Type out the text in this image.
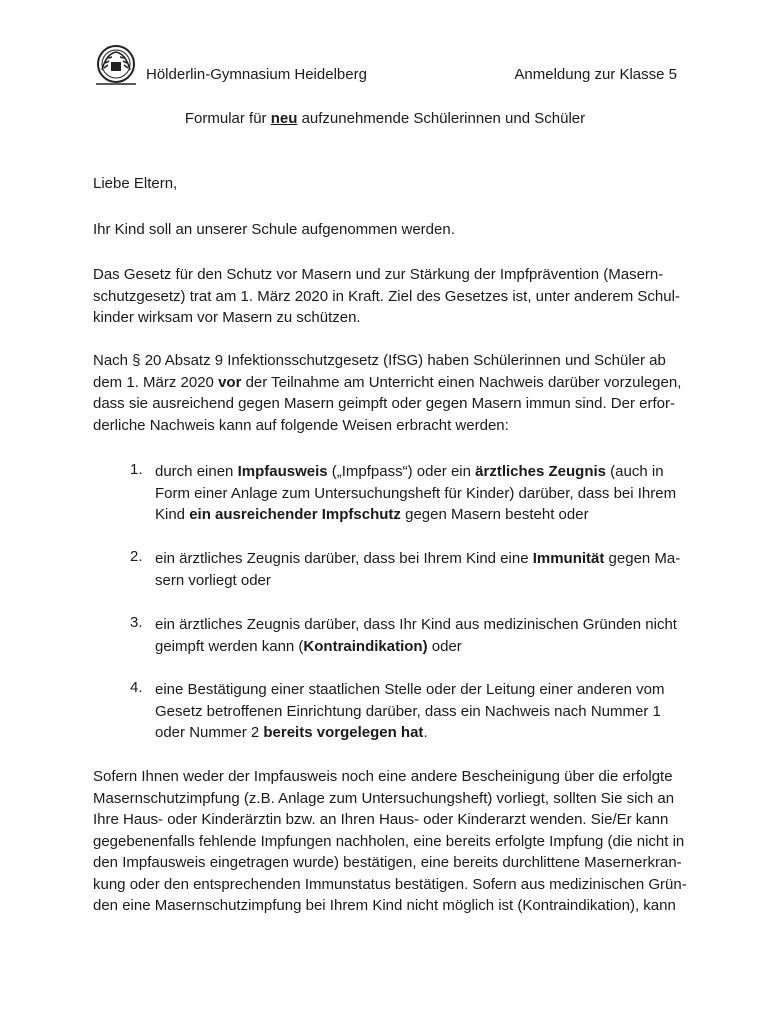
Hölderlin-Gymnasium Heidelberg	Anmeldung zur Klasse 5
Formular für neu aufzunehmende Schülerinnen und Schüler

Liebe Eltern,

Ihr Kind soll an unserer Schule aufgenommen werden.

Das Gesetz für den Schutz vor Masern und zur Stärkung der Impfprävention (Masern-

schutzgesetz) trat am 1. März 2020 in Kraft. Ziel des Gesetzes ist, unter anderem Schul-

kinder wirksam vor Masern zu schützen.

Nach § 20 Absatz 9 Infektionsschutzgesetz (IfSG) haben Schülerinnen und Schüler ab

dem 1. März 2020 vor der Teilnahme am Unterricht einen Nachweis darüber vorzulegen,

dass sie ausreichend gegen Masern geimpft oder gegen Masern immun sind. Der erfor-

derliche Nachweis kann auf folgende Weisen erbracht werden:

1. durch einen Impfausweis („Impfpass“) oder ein ärztliches Zeugnis (auch in

Form einer Anlage zum Untersuchungsheft für Kinder) darüber, dass bei Ihrem

Kind ein ausreichender Impfschutz gegen Masern besteht oder

2. ein ärztliches Zeugnis darüber, dass bei Ihrem Kind eine Immunität gegen Ma-

sern vorliegt oder

3. ein ärztliches Zeugnis darüber, dass Ihr Kind aus medizinischen Gründen nicht

geimpft werden kann (Kontraindikation) oder

4. eine Bestätigung einer staatlichen Stelle oder der Leitung einer anderen vom

Gesetz betroffenen Einrichtung darüber, dass ein Nachweis nach Nummer 1

oder Nummer 2 bereits vorgelegen hat.

Sofern Ihnen weder der Impfausweis noch eine andere Bescheinigung über die erfolgte

Masernschutzimpfung (z.B. Anlage zum Untersuchungsheft) vorliegt, sollten Sie sich an

Ihre Haus- oder Kinderärztin bzw. an Ihren Haus- oder Kinderarzt wenden. Sie/Er kann

gegebenenfalls fehlende Impfungen nachholen, eine bereits erfolgte Impfung (die nicht in

den Impfausweis eingetragen wurde) bestätigen, eine bereits durchlittene Masernerkran-

kung oder den entsprechenden Immunstatus bestätigen. Sofern aus medizinischen Grün-

den eine Masernschutzimpfung bei Ihrem Kind nicht möglich ist (Kontraindikation), kann
